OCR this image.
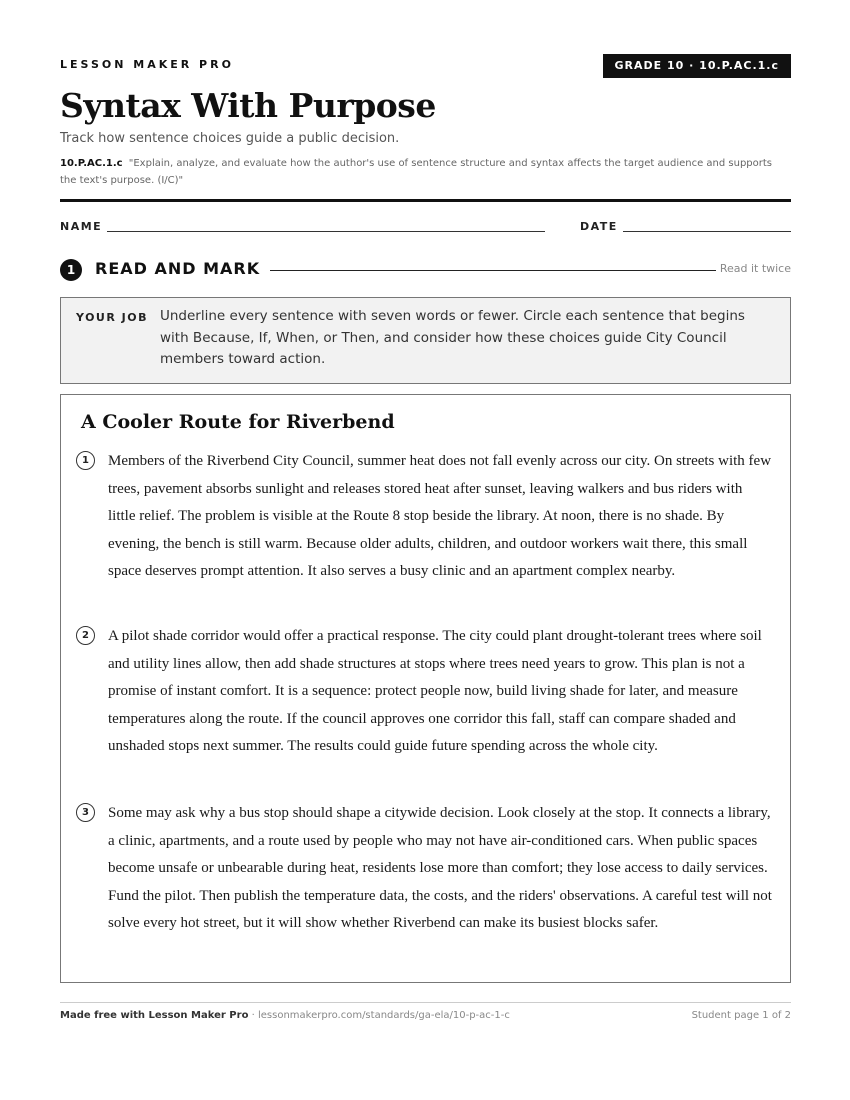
LESSON MAKER PRO	GRADE 10 · 10.P.AC.1.c
Syntax With Purpose
Track how sentence choices guide a public decision.
10.P.AC.1.c "Explain, analyze, and evaluate how the author's use of sentence structure and syntax affects the target audience and supports the text's purpose. (I/C)"
NAME	DATE
1	READ AND MARK	Read it twice
YOUR JOB Underline every sentence with seven words or fewer. Circle each sentence that begins with Because, If, When, or Then, and consider how these choices guide City Council members toward action.
A Cooler Route for Riverbend
1	Members of the Riverbend City Council, summer heat does not fall evenly across our city. On streets with few trees, pavement absorbs sunlight and releases stored heat after sunset, leaving walkers and bus riders with little relief. The problem is visible at the Route 8 stop beside the library. At noon, there is no shade. By evening, the bench is still warm. Because older adults, children, and outdoor workers wait there, this small space deserves prompt attention. It also serves a busy clinic and an apartment complex nearby.

2	A pilot shade corridor would offer a practical response. The city could plant drought-tolerant trees where soil and utility lines allow, then add shade structures at stops where trees need years to grow. This plan is not a promise of instant comfort. It is a sequence: protect people now, build living shade for later, and measure temperatures along the route. If the council approves one corridor this fall, staff can compare shaded and unshaded stops next summer. The results could guide future spending across the whole city.

3	Some may ask why a bus stop should shape a citywide decision. Look closely at the stop. It connects a library, a clinic, apartments, and a route used by people who may not have air-conditioned cars. When public spaces become unsafe or unbearable during heat, residents lose more than comfort; they lose access to daily services. Fund the pilot. Then publish the temperature data, the costs, and the riders' observations. A careful test will not solve every hot street, but it will show whether Riverbend can make its busiest blocks safer.

Made free with Lesson Maker Pro · lessonmakerpro.com/standards/ga-ela/10-p-ac-1-c	Student page 1 of 2
